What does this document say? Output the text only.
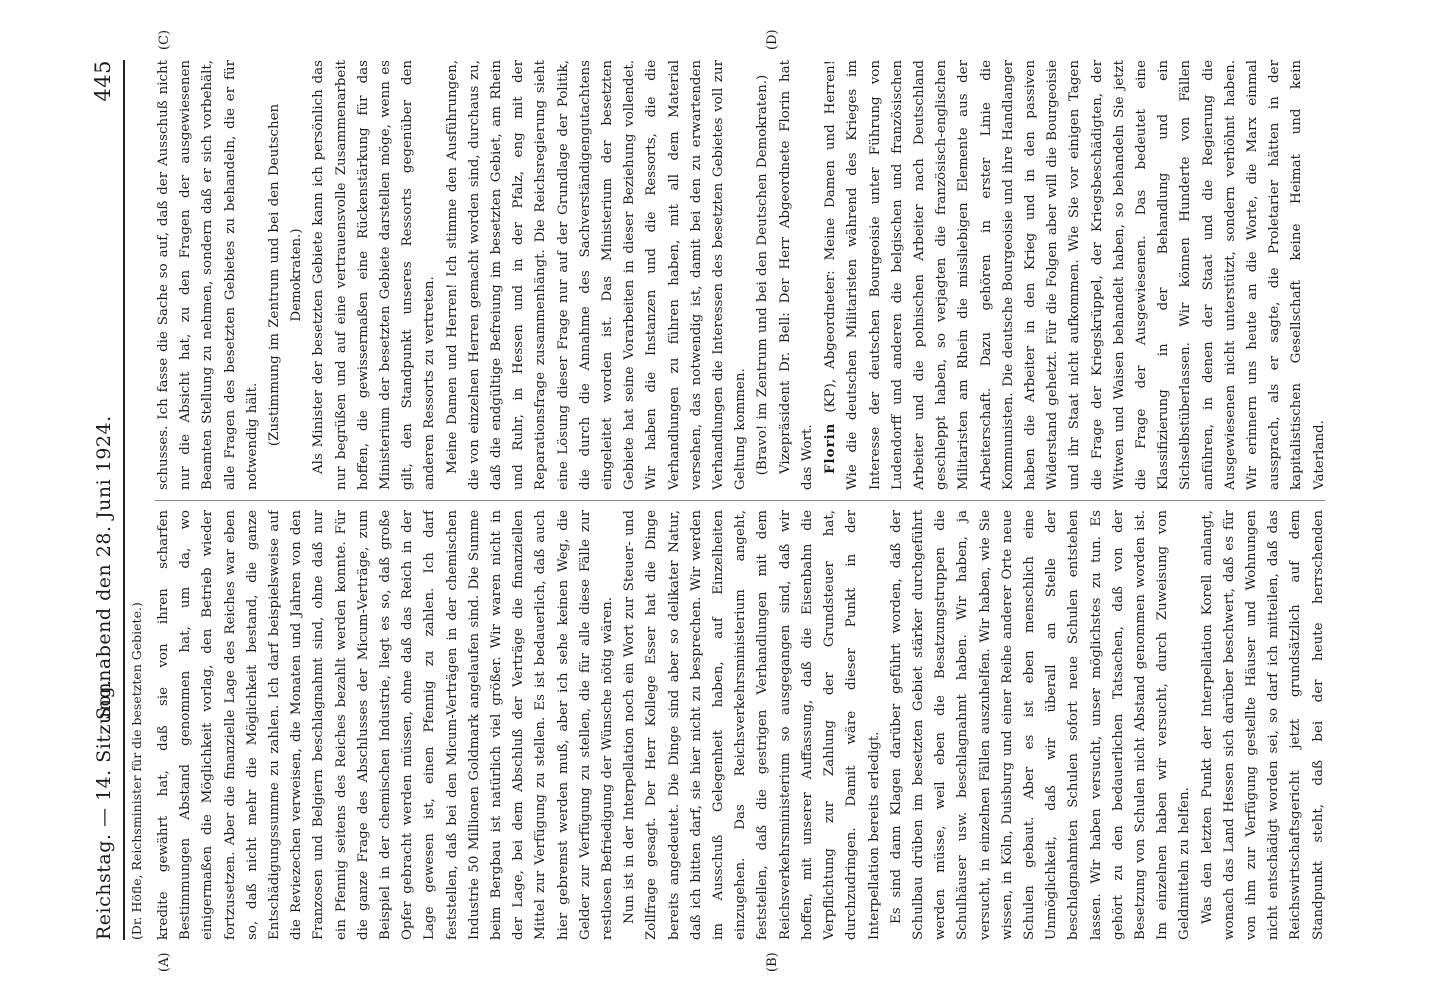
Reichstag. — 14. Sitzung.
Sonnabend den 28. Juni 1924.
445
(Dr. Höfle, Reichsminister für die besetzten Gebiete.)
(A)	(B)
(C)	(D)

kredite gewährt hat, daß sie von ihren scharfen Bestimmungen Abstand genommen hat, um da, wo einigermaßen die Möglichkeit vorlag, den Betrieb wieder fortzusetzen. Aber die finanzielle Lage des Reiches war eben so, daß nicht mehr die Möglichkeit bestand, die ganze Entschädigungssumme zu zahlen. Ich darf beispielsweise auf die Reviezechen verweisen, die Monaten und Jahren von den Franzosen und Belgiern beschlagnahmt sind, ohne daß nur ein Pfennig seitens des Reiches bezahlt werden konnte. Für die ganze Frage des Abschlusses der Micum-Verträge, zum Beispiel in der chemischen Industrie, liegt es so, daß große Opfer gebracht werden müssen, ohne daß das Reich in der Lage gewesen ist, einen Pfennig zu zahlen. Ich darf feststellen, daß bei den Micum-Verträgen in der chemischen Industrie 50 Millionen Goldmark angelaufen sind. Die Summe beim Bergbau ist natürlich viel größer. Wir waren nicht in der Lage, bei dem Abschluß der Verträge die finanziellen Mittel zur Verfügung zu stellen. Es ist bedauerlich, daß auch hier gebremst werden muß, aber ich sehe keinen Weg, die Gelder zur Verfügung zu stellen, die für alle diese Fälle zur restlosen Befriedigung der Wünsche nötig wären. Nun ist in der Interpellation noch ein Wort zur Steuer- und Zollfrage gesagt. Der Herr Kollege Esser hat die Dinge bereits angedeutet. Die Dinge sind aber so delikater Natur, daß ich bitten darf, sie hier nicht zu besprechen. Wir werden im Ausschuß Gelegenheit haben, auf Einzelheiten einzugehen. Das Reichsverkehrsministerium angeht, feststellen, daß die gestrigen Verhandlungen mit dem Reichsverkehrsministerium so ausgegangen sind, daß wir hoffen, mit unserer Auffassung, daß die Eisenbahn die Verpflichtung zur Zahlung der Grundsteuer hat, durchzudringen. Damit wäre dieser Punkt in der Interpellation bereits erledigt. Es sind dann Klagen darüber geführt worden, daß der Schulbau drüben im besetzten Gebiet stärker durchgeführt werden müsse, weil eben die Besatzungstruppen die Schulhäuser usw. beschlagnahmt haben. Wir haben, ja versucht, in einzelnen Fällen auszuhelfen. Wir haben, wie Sie wissen, in Köln, Duisburg und einer Reihe anderer Orte neue Schulen gebaut. Aber es ist eben menschlich eine Unmöglichkeit, daß wir überall an Stelle der beschlagnahmten Schulen sofort neue Schulen entstehen lassen. Wir haben versucht, unser möglichstes zu tun. Es gehört zu den bedauerlichen Tatsachen, daß von der Besetzung von Schulen nicht Abstand genommen worden ist. Im einzelnen haben wir versucht, durch Zuweisung von Geldmitteln zu helfen. Was den letzten Punkt der Interpellation Korell anlangt, wonach das Land Hessen sich darüber beschwert, daß es für von ihm zur Verfügung gestellte Häuser und Wohnungen nicht entschädigt worden sei, so darf ich mitteilen, daß das Reichswirtschaftsgericht jetzt grundsätzlich auf dem Standpunkt steht, daß bei der heute herrschenden

schusses. Ich fasse die Sache so auf, daß der Ausschuß nicht nur die Absicht hat, zu den Fragen der ausgewiesenen Beamten Stellung zu nehmen, sondern daß er sich vorbehält, alle Fragen des besetzten Gebietes zu behandeln, die er für notwendig hält. (Zustimmung im Zentrum und bei den Deutschen Demokraten.) Als Minister der besetzten Gebiete kann ich persönlich das nur begrüßen und auf eine vertrauensvolle Zusammenarbeit hoffen, die gewissermaßen eine Rückenstärkung für das Ministerium der besetzten Gebiete darstellen möge, wenn es gilt, den Standpunkt unseres Ressorts gegenüber den anderen Ressorts zu vertreten. Meine Damen und Herren! Ich stimme den Ausführungen, die von einzelnen Herren gemacht worden sind, durchaus zu, daß die endgültige Befreiung im besetzten Gebiet, am Rhein und Ruhr, in Hessen und in der Pfalz, eng mit der Reparationsfrage zusammenhängt. Die Reichsregierung sieht eine Lösung dieser Frage nur auf der Grundlage der Politik, die durch die Annahme des Sachverständigengutachtens eingeleitet worden ist. Das Ministerium der besetzten Gebiete hat seine Vorarbeiten in dieser Beziehung vollendet. Wir haben die Instanzen und die Ressorts, die die Verhandlungen zu führen haben, mit all dem Material versehen, das notwendig ist, damit bei den zu erwartenden Verhandlungen die Interessen des besetzten Gebietes voll zur Geltung kommen. (Bravo! im Zentrum und bei den Deutschen Demokraten.) Vizepräsident Dr. Bell: Der Herr Abgeordnete Florin hat das Wort. Florin (KP), Abgeordneter: Meine Damen und Herren! Wie die deutschen Militaristen während des Krieges im Interesse der deutschen Bourgeoisie unter Führung von Ludendorff und anderen die belgischen und französischen Arbeiter und die polnischen Arbeiter nach Deutschland geschleppt haben, so verjagten die französisch-englischen Militaristen am Rhein die missliebigen Elemente aus der Arbeiterschaft. Dazu gehören in erster Linie die Kommunisten. Die deutsche Bourgeoisie und ihre Handlanger haben die Arbeiter in den Krieg und in den passiven Widerstand gehetzt. Für die Folgen aber will die Bourgeoisie und ihr Staat nicht aufkommen. Wie Sie vor einigen Tagen die Frage der Kriegskrüppel, der Kriegsbeschädigten, der Witwen und Waisen behandelt haben, so behandeln Sie jetzt die Frage der Ausgewiesenen. Das bedeutet eine Klassifizierung in der Behandlung und ein Sichselbstüberlassen. Wir können Hunderte von Fällen anführen, in denen der Staat und die Regierung die Ausgewiesenen nicht unterstützt, sondern verhöhnt haben. Wir erinnern uns heute an die Worte, die Marx einmal aussprach, als er sagte, die Proletarier hätten in der kapitalistischen Gesellschaft keine Heimat und kein Vaterland.
